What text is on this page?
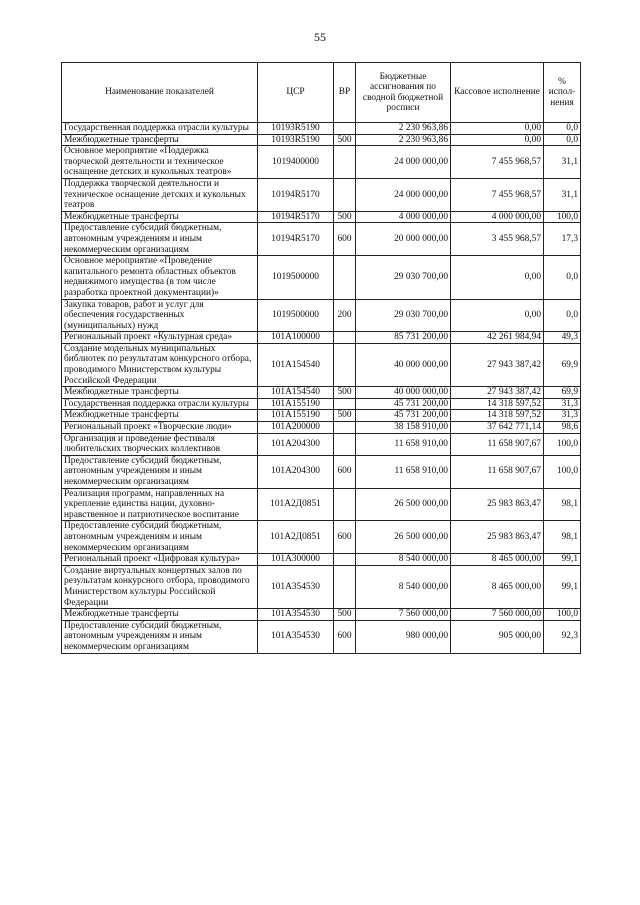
55
Наименование показателей	ЦСР	ВР	Бюджетные ассигнования по сводной бюджетной росписи	Кассовое исполнение	% испол-нения
Государственная поддержка отрасли культуры	10193R5190		2 230 963,86	0,00	0,0
Межбюджетные трансферты	10193R5190	500	2 230 963,86	0,00	0,0
Основное мероприятие «Поддержка творческой деятельности и техническое оснащение детских и кукольных театров»	1019400000		24 000 000,00	7 455 968,57	31,1
Поддержка творческой деятельности и техническое оснащение детских и кукольных театров	10194R5170		24 000 000,00	7 455 968,57	31,1
Межбюджетные трансферты	10194R5170	500	4 000 000,00	4 000 000,00	100,0
Предоставление субсидий бюджетным, автономным учреждениям и иным некоммерческим организациям	10194R5170	600	20 000 000,00	3 455 968,57	17,3
Основное мероприятие «Проведение капитального ремонта областных объектов недвижимого имущества (в том числе разработка проектной документации)»	1019500000		29 030 700,00	0,00	0,0
Закупка товаров, работ и услуг для обеспечения государственных (муниципальных) нужд	1019500000	200	29 030 700,00	0,00	0,0
Региональный проект «Культурная среда»	101A100000		85 731 200,00	42 261 984,94	49,3
Создание модельных муниципальных библиотек по результатам конкурсного отбора, проводимого Министерством культуры Российской Федерации	101A154540		40 000 000,00	27 943 387,42	69,9
Межбюджетные трансферты	101A154540	500	40 000 000,00	27 943 387,42	69,9
Государственная поддержка отрасли культуры	101A155190		45 731 200,00	14 318 597,52	31,3
Межбюджетные трансферты	101A155190	500	45 731 200,00	14 318 597,52	31,3
Региональный проект «Творческие люди»	101A200000		38 158 910,00	37 642 771,14	98,6
Организация и проведение фестиваля любительских творческих коллективов	101A204300		11 658 910,00	11 658 907,67	100,0
Предоставление субсидий бюджетным, автономным учреждениям и иным некоммерческим организациям	101A204300	600	11 658 910,00	11 658 907,67	100,0
Реализация программ, направленных на укрепление единства нации, духовно-нравственное и патриотическое воспитание	101A2Д0851		26 500 000,00	25 983 863,47	98,1
Предоставление субсидий бюджетным, автономным учреждениям и иным некоммерческим организациям	101A2Д0851	600	26 500 000,00	25 983 863,47	98,1
Региональный проект «Цифровая культура»	101A300000		8 540 000,00	8 465 000,00	99,1
Создание виртуальных концертных залов по результатам конкурсного отбора, проводимого Министерством культуры Российской Федерации	101A354530		8 540 000,00	8 465 000,00	99,1
Межбюджетные трансферты	101A354530	500	7 560 000,00	7 560 000,00	100,0
Предоставление субсидий бюджетным, автономным учреждениям и иным некоммерческим организациям	101A354530	600	980 000,00	905 000,00	92,3
